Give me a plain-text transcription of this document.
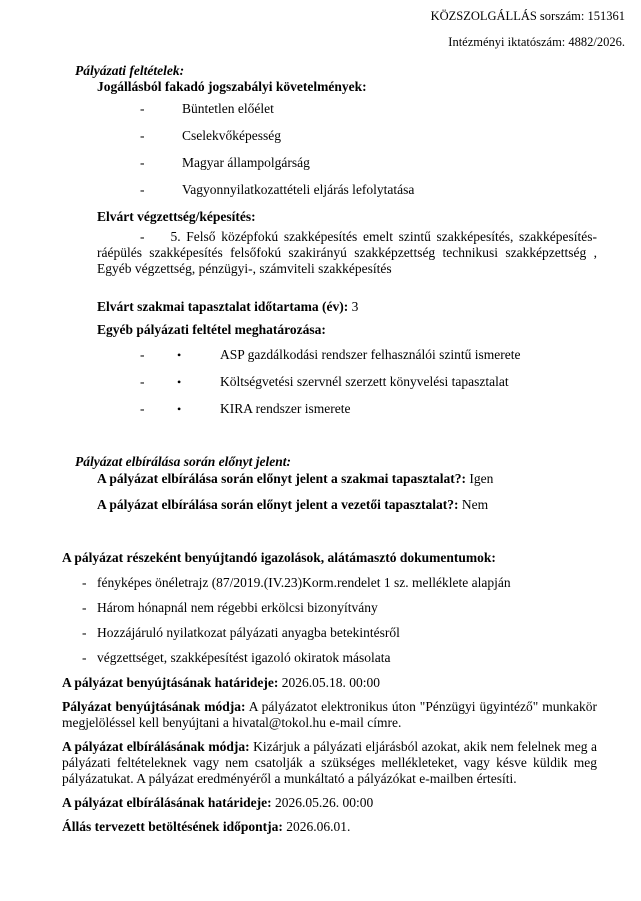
KÖZSZOLGÁLLÁS sorszám: 151361
Intézményi iktatószám: 4882/2026.
Pályázati feltételek:
Jogállásból fakadó jogszabályi követelmények:
-	Büntetlen előélet
-	Cselekvőképesség
-	Magyar állampolgárság
-	Vagyonnyilatkozattételi eljárás lefolytatása
Elvárt végzettség/képesítés:

- 5. Felső középfokú szakképesítés emelt szintű szakképesítés, szakképesítés-ráépülés szakképesítés felsőfokú szakirányú szakképzettség technikusi szakképzettség , Egyéb végzettség, pénzügyi-, számviteli szakképesítés

Elvárt szakmai tapasztalat időtartama (év): 3
Egyéb pályázati feltétel meghatározása:
-	•	ASP gazdálkodási rendszer felhasználói szintű ismerete
-	•	Költségvetési szervnél szerzett könyvelési tapasztalat
-	•	KIRA rendszer ismerete
Pályázat elbírálása során előnyt jelent:
A pályázat elbírálása során előnyt jelent a szakmai tapasztalat?: Igen
A pályázat elbírálása során előnyt jelent a vezetői tapasztalat?: Nem
A pályázat részeként benyújtandó igazolások, alátámasztó dokumentumok:
- fényképes önéletrajz (87/2019.(IV.23)Korm.rendelet 1 sz. melléklete alapján
- Három hónapnál nem régebbi erkölcsi bizonyítvány
- Hozzájáruló nyilatkozat pályázati anyagba betekintésről
- végzettséget, szakképesítést igazoló okiratok másolata

A pályázat benyújtásának határideje: 2026.05.18. 00:00

Pályázat benyújtásának módja: A pályázatot elektronikus úton "Pénzügyi ügyintéző" munkakör megjelöléssel kell benyújtani a hivatal@tokol.hu e-mail címre.

A pályázat elbírálásának módja: Kizárjuk a pályázati eljárásból azokat, akik nem felelnek meg a pályázati feltételeknek vagy nem csatolják a szükséges mellékleteket, vagy késve küldik meg pályázatukat. A pályázat eredményéről a munkáltató a pályázókat e-mailben értesíti.

A pályázat elbírálásának határideje: 2026.05.26. 00:00

Állás tervezett betöltésének időpontja: 2026.06.01.
